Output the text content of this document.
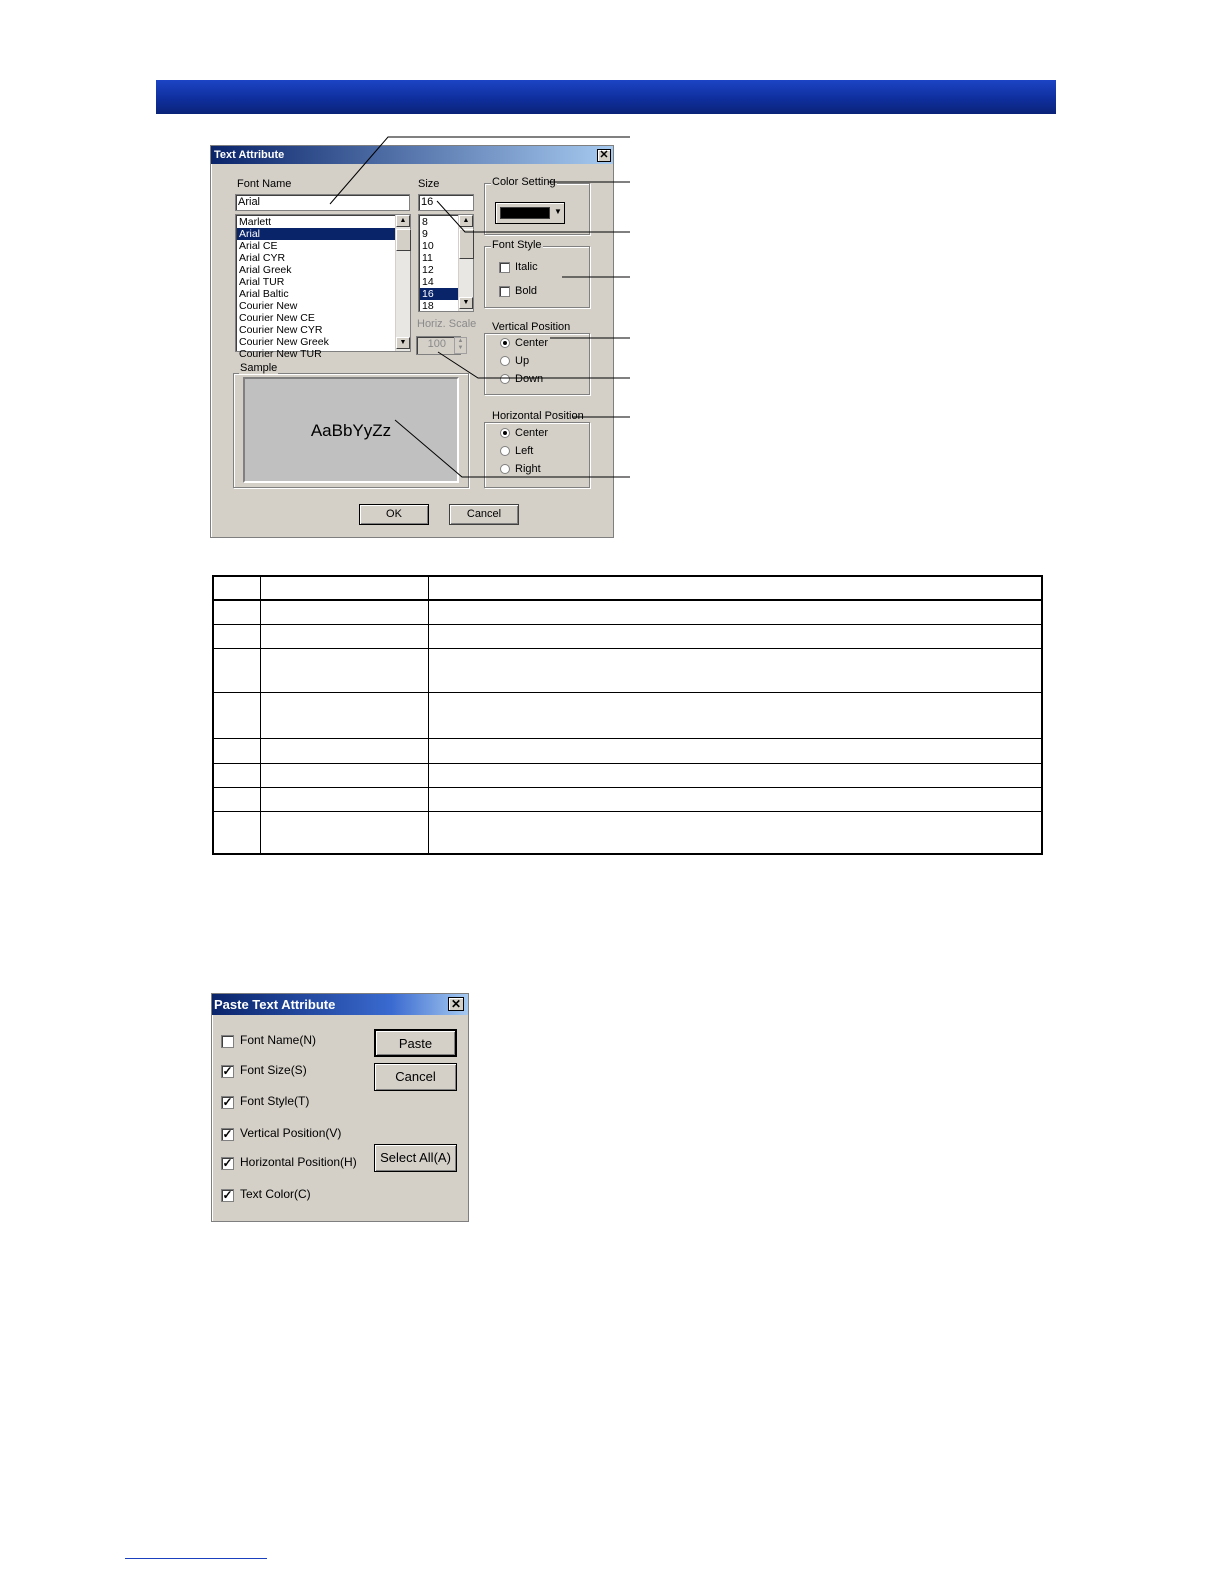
Text Attribute	✕
Font Name
Arial
Marlett
Arial
Arial CE
Arial CYR
Arial Greek
Arial TUR
Arial Baltic
Courier New
Courier New CE
Courier New CYR
Courier New Greek
Courier New TUR
▲
▼
Size
16
8
9
10
11
12
14
16
18
▲
▼
Horiz. Scale
100	▲
▼
Color Setting
▼
Font Style
Italic
Bold
Vertical Position
Center
Up
Down
Horizontal Position
Center
Left
Right
Sample
AaBbYyZz
OK	Cancel
Paste Text Attribute	✕
Font Name(N)
✓ Font Size(S)
✓ Font Style(T)
✓ Vertical Position(V)
✓ Horizontal Position(H)
✓ Text Color(C)
Paste
Cancel
Select All(A)
